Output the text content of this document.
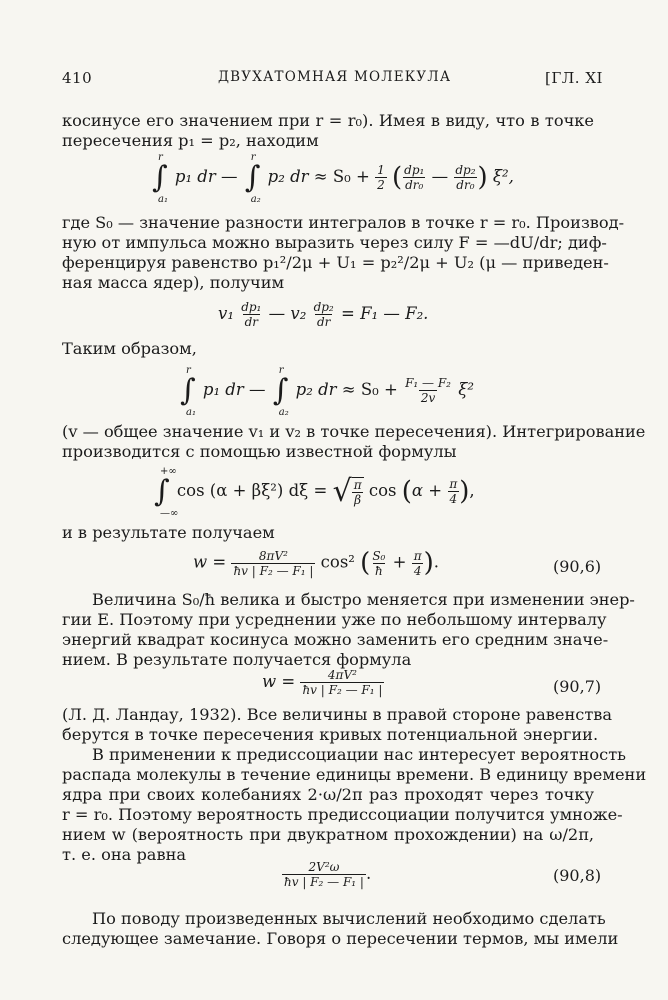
410	ДВУХАТОМНАЯ МОЛЕКУЛА	[ГЛ. XI
косинусе его значением при r = r₀). Имея в виду, что в точке
пересечения p₁ = p₂, находим
∫
r
a₁
p₁ dr — ∫
r
a₂
p₂ dr ≈ $S_0 + \frac{1}{2}$ ( $\frac{\text{dp₁}}{\text{dr₀}}$ — $\frac{\text{dp₂}}{\text{dr₀}}$ ) ξ²,
где S₀ — значение разности интегралов в точке r = r₀. Производ-
ную от импульса можно выразить через силу F = —dU/dr; диф-
ференцируя равенство p₁²/2μ + U₁ = p₂²/2μ + U₂ (μ — приведен-
ная масса ядер), получим
$v_1 \frac{\text{dp₁}}{dr}$ — $v_2 \frac{\text{dp₂}}{dr} = F_1$ — F₂.
Таким образом,
∫
r
a₁
p₁ dr — ∫
r
a₂
p₂ dr ≈ $S_0 + \frac{\text{F₁ — F₂}}{2v} \xi^2$
(v — общее значение v₁ и v₂ в точке пересечения). Интегрирование
производится с помощью известной формулы
∫
+∞
—∞
cos (α + βξ²) dξ = √ $\frac{\pi}{\beta}$ $\cos (\alpha + \frac{\pi}{4}$ ),
и в результате получаем
$w = \frac{\text{8πV²}}{\text{ħv | F₂ — F₁ |}} \cos^2$ ( $\frac{\text{S₀}}{ħ} + \frac{\pi}{4}$ ).	(90,6)
Величина S₀/ħ велика и быстро меняется при изменении энер-
гии E. Поэтому при усреднении уже по небольшому интервалу
энергий квадрат косинуса можно заменить его средним значе-
нием. В результате получается формула
$w = \frac{\text{4πV²}}{\text{ħv | F₂ — F₁ |}}$	(90,7)
(Л. Д. Ландау, 1932). Все величины в правой стороне равенства
берутся в точке пересечения кривых потенциальной энергии.
В применении к предиссоциации нас интересует вероятность
распада молекулы в течение единицы времени. В единицу времени
ядра при своих колебаниях 2·ω/2π раз проходят через точку
r = r₀. Поэтому вероятность предиссоциации получится умноже-
нием w (вероятность при двукратном прохождении) на ω/2π,
т. е. она равна
$\frac{\text{2V²ω}}{\text{ħv | F₂ — F₁ |}}$ .	(90,8)
По поводу произведенных вычислений необходимо сделать
следующее замечание. Говоря о пересечении термов, мы имели
